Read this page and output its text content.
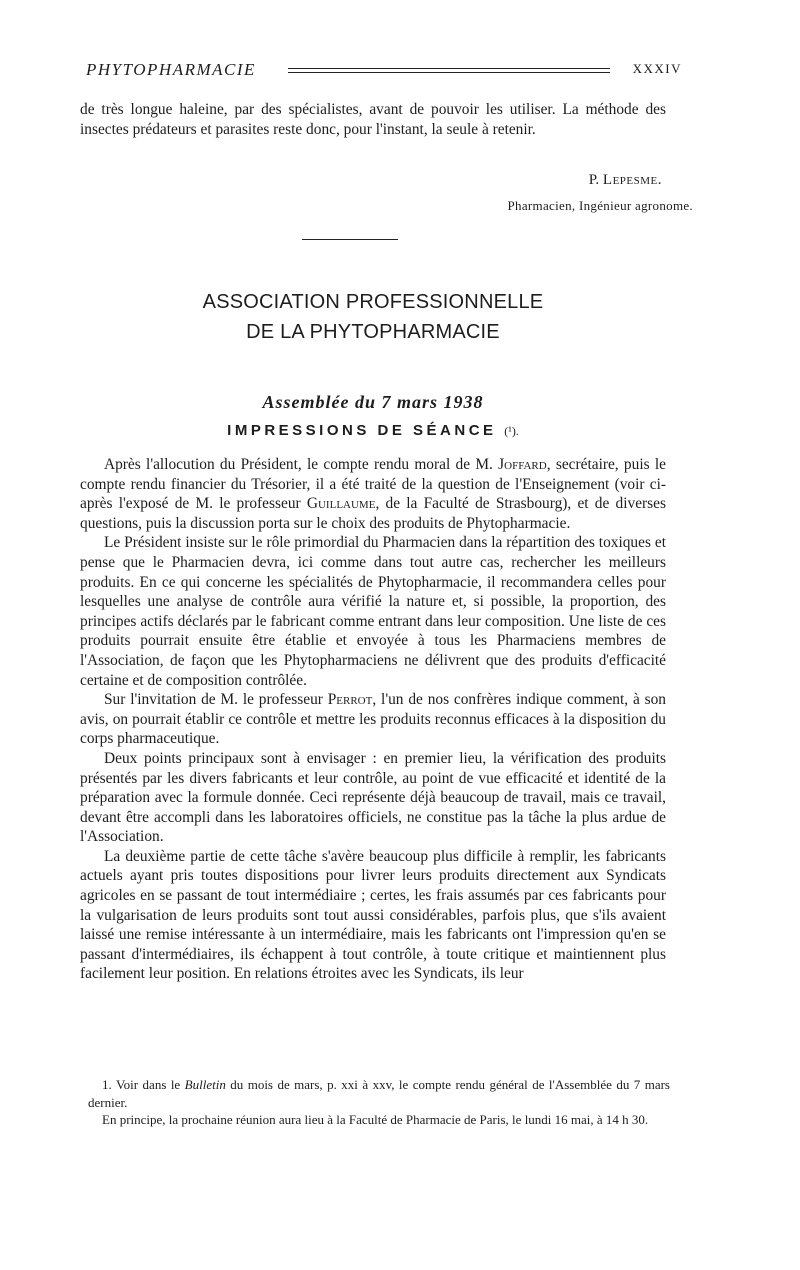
PHYTOPHARMACIE	XXXIV

de très longue haleine, par des spécialistes, avant de pouvoir les utiliser. La méthode des insectes prédateurs et parasites reste donc, pour l'instant, la seule à retenir.

P. Lepesme.
Pharmacien, Ingénieur agronome.
ASSOCIATION PROFESSIONNELLE
DE LA PHYTOPHARMACIE
Assemblée du 7 mars 1938
IMPRESSIONS DE SÉANCE (¹).

Après l'allocution du Président, le compte rendu moral de M. Joffard, secrétaire, puis le compte rendu financier du Trésorier, il a été traité de la question de l'Enseignement (voir ci-après l'exposé de M. le professeur Guillaume, de la Faculté de Strasbourg), et de diverses questions, puis la discussion porta sur le choix des produits de Phytopharmacie.

Le Président insiste sur le rôle primordial du Pharmacien dans la répartition des toxiques et pense que le Pharmacien devra, ici comme dans tout autre cas, rechercher les meilleurs produits. En ce qui concerne les spécialités de Phytopharmacie, il recommandera celles pour lesquelles une analyse de contrôle aura vérifié la nature et, si possible, la proportion, des principes actifs déclarés par le fabricant comme entrant dans leur composition. Une liste de ces produits pourrait ensuite être établie et envoyée à tous les Pharmaciens membres de l'Association, de façon que les Phytopharmaciens ne délivrent que des produits d'efficacité certaine et de composition contrôlée.

Sur l'invitation de M. le professeur Perrot, l'un de nos confrères indique comment, à son avis, on pourrait établir ce contrôle et mettre les produits reconnus efficaces à la disposition du corps pharmaceutique.

Deux points principaux sont à envisager : en premier lieu, la vérification des produits présentés par les divers fabricants et leur contrôle, au point de vue efficacité et identité de la préparation avec la formule donnée. Ceci représente déjà beaucoup de travail, mais ce travail, devant être accompli dans les laboratoires officiels, ne constitue pas la tâche la plus ardue de l'Association.

La deuxième partie de cette tâche s'avère beaucoup plus difficile à remplir, les fabricants actuels ayant pris toutes dispositions pour livrer leurs produits directement aux Syndicats agricoles en se passant de tout intermédiaire ; certes, les frais assumés par ces fabricants pour la vulgarisation de leurs produits sont tout aussi considérables, parfois plus, que s'ils avaient laissé une remise intéressante à un intermédiaire, mais les fabricants ont l'impression qu'en se passant d'intermédiaires, ils échappent à tout contrôle, à toute critique et maintiennent plus facilement leur position. En relations étroites avec les Syndicats, ils leur

1. Voir dans le Bulletin du mois de mars, p. xxi à xxv, le compte rendu général de l'Assemblée du 7 mars dernier.

En principe, la prochaine réunion aura lieu à la Faculté de Pharmacie de Paris, le lundi 16 mai, à 14 h 30.
